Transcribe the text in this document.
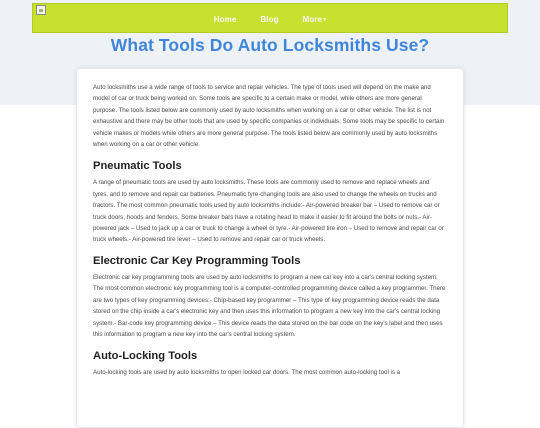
Home	Blog	More▾
What Tools Do Auto Locksmiths Use?

Auto locksmiths use a wide range of tools to service and repair vehicles. The type of tools used will depend on the make and model of car or truck being worked on. Some tools are specific to a certain make or model, while others are more general purpose. The tools listed below are commonly used by auto locksmiths when working on a car or other vehicle. The list is not exhaustive and there may be other tools that are used by specific companies or individuals. Some tools may be specific to certain vehicle makes or models while others are more general purpose. The tools listed below are commonly used by auto locksmiths when working on a car or other vehicle.

Pneumatic Tools

A range of pneumatic tools are used by auto locksmiths. These tools are commonly used to remove and replace wheels and tyres, and to remove and repair car batteries. Pneumatic tyre-changing tools are also used to change the wheels on trucks and tractors. The most common pneumatic tools used by auto locksmiths include:- Air-powered breaker bar – Used to remove car or truck doors, hoods and fenders. Some breaker bars have a rotating head to make it easier to fit around the bolts or nuts.- Air-powered jack – Used to jack up a car or truck to change a wheel or tyre.- Air-powered tire iron – Used to remove and repair car or truck wheels.- Air-powered tire lever – Used to remove and repair car or truck wheels.

Electronic Car Key Programming Tools

Electronic car key programming tools are used by auto locksmiths to program a new car key into a car's central locking system. The most common electronic key programming tool is a computer-controlled programming device called a key programmer. There are two types of key programming devices:- Chip-based key programmer – This type of key programming device reads the data stored on the chip inside a car's electronic key and then uses this information to program a new key into the car's central locking system.- Bar-code key programming device – This device reads the data stored on the bar code on the key's label and then uses this information to program a new key into the car's central locking system.

Auto-Locking Tools

Auto-locking tools are used by auto locksmiths to open locked car doors. The most common auto-locking tool is a
